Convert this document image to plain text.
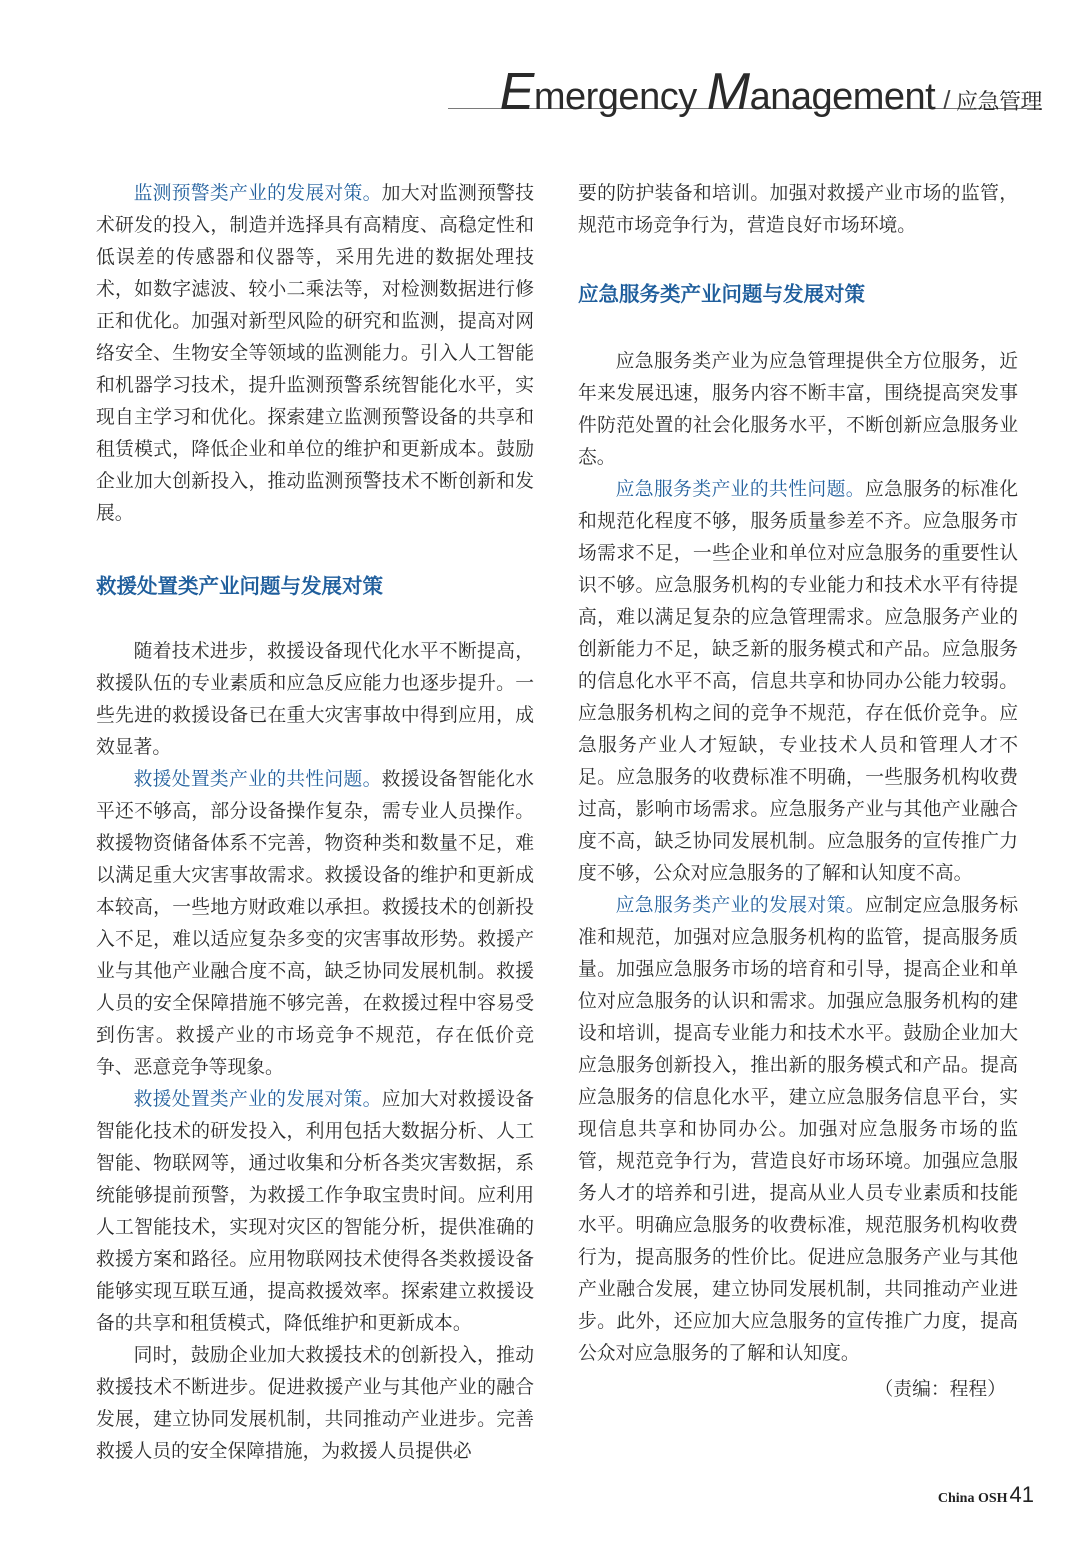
Emergency Management / 应急管理

监测预警类产业的发展对策。加大对监测预警技术研发的投入，制造并选择具有高精度、高稳定性和低误差的传感器和仪器等，采用先进的数据处理技术，如数字滤波、较小二乘法等，对检测数据进行修正和优化。加强对新型风险的研究和监测，提高对网络安全、生物安全等领域的监测能力。引入人工智能和机器学习技术，提升监测预警系统智能化水平，实现自主学习和优化。探索建立监测预警设备的共享和租赁模式，降低企业和单位的维护和更新成本。鼓励企业加大创新投入，推动监测预警技术不断创新和发展。

救援处置类产业问题与发展对策

随着技术进步，救援设备现代化水平不断提高，救援队伍的专业素质和应急反应能力也逐步提升。一些先进的救援设备已在重大灾害事故中得到应用，成效显著。

救援处置类产业的共性问题。救援设备智能化水平还不够高，部分设备操作复杂，需专业人员操作。救援物资储备体系不完善，物资种类和数量不足，难以满足重大灾害事故需求。救援设备的维护和更新成本较高，一些地方财政难以承担。救援技术的创新投入不足，难以适应复杂多变的灾害事故形势。救援产业与其他产业融合度不高，缺乏协同发展机制。救援人员的安全保障措施不够完善，在救援过程中容易受到伤害。救援产业的市场竞争不规范，存在低价竞争、恶意竞争等现象。

救援处置类产业的发展对策。应加大对救援设备智能化技术的研发投入，利用包括大数据分析、人工智能、物联网等，通过收集和分析各类灾害数据，系统能够提前预警，为救援工作争取宝贵时间。应利用人工智能技术，实现对灾区的智能分析，提供准确的救援方案和路径。应用物联网技术使得各类救援设备能够实现互联互通，提高救援效率。探索建立救援设备的共享和租赁模式，降低维护和更新成本。

同时，鼓励企业加大救援技术的创新投入，推动救援技术不断进步。促进救援产业与其他产业的融合发展，建立协同发展机制，共同推动产业进步。完善救援人员的安全保障措施，为救援人员提供必

要的防护装备和培训。加强对救援产业市场的监管，规范市场竞争行为，营造良好市场环境。

应急服务类产业问题与发展对策

应急服务类产业为应急管理提供全方位服务，近年来发展迅速，服务内容不断丰富，围绕提高突发事件防范处置的社会化服务水平，不断创新应急服务业态。

应急服务类产业的共性问题。应急服务的标准化和规范化程度不够，服务质量参差不齐。应急服务市场需求不足，一些企业和单位对应急服务的重要性认识不够。应急服务机构的专业能力和技术水平有待提高，难以满足复杂的应急管理需求。应急服务产业的创新能力不足，缺乏新的服务模式和产品。应急服务的信息化水平不高，信息共享和协同办公能力较弱。应急服务机构之间的竞争不规范，存在低价竞争。应急服务产业人才短缺，专业技术人员和管理人才不足。应急服务的收费标准不明确，一些服务机构收费过高，影响市场需求。应急服务产业与其他产业融合度不高，缺乏协同发展机制。应急服务的宣传推广力度不够，公众对应急服务的了解和认知度不高。

应急服务类产业的发展对策。应制定应急服务标准和规范，加强对应急服务机构的监管，提高服务质量。加强应急服务市场的培育和引导，提高企业和单位对应急服务的认识和需求。加强应急服务机构的建设和培训，提高专业能力和技术水平。鼓励企业加大应急服务创新投入，推出新的服务模式和产品。提高应急服务的信息化水平，建立应急服务信息平台，实现信息共享和协同办公。加强对应急服务市场的监管，规范竞争行为，营造良好市场环境。加强应急服务人才的培养和引进，提高从业人员专业素质和技能水平。明确应急服务的收费标准，规范服务机构收费行为，提高服务的性价比。促进应急服务产业与其他产业融合发展，建立协同发展机制，共同推动产业进步。此外，还应加大应急服务的宣传推广力度，提高公众对应急服务的了解和认知度。

（责编：程程）
China OSH41
